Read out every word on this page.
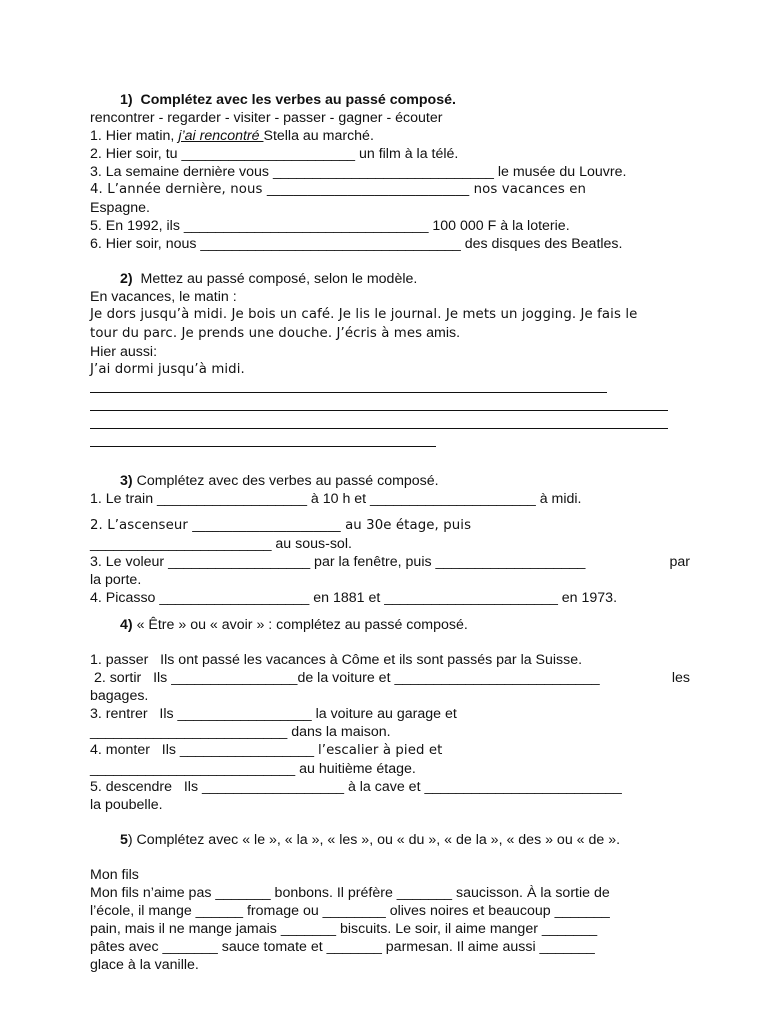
1)  Complétez avec les verbes au passé composé.
rencontrer - regarder - visiter - passer - gagner - écouter
1. Hier matin, j’ai rencontré Stella au marché.
2. Hier soir, tu ______________________ un film à la télé.
3. La semaine dernière vous ____________________________ le musée du Louvre.
4. L’année dernière, nous ______________________________ nos vacances en
Espagne.
5. En 1992, ils _______________________________ 100 000 F à la loterie.
6. Hier soir, nous _________________________________ des disques des Beatles.
2)  Mettez au passé composé, selon le modèle.
En vacances, le matin :
Je dors jusqu’à midi. Je bois un café. Je lis le journal. Je mets un jogging. Je fais le
tour du parc. Je prends une douche. J’écris à mes amis.
Hier aussi:
J’ai dormi jusqu’à midi.
3) Complétez avec des verbes au passé composé.
1. Le train ___________________ à 10 h et _____________________ à midi.
2. L’ascenseur ______________________ au 30e étage, puis
_______________________ au sous-sol.
3. Le voleur __________________ par la fenêtre, puis ___________________	par
la porte.
4. Picasso ___________________ en 1881 et ______________________ en 1973.
4) « Être » ou « avoir » : complétez au passé composé.
1. passer   Ils ont passé les vacances à Côme et ils sont passés par la Suisse.
2. sortir   Ils ________________de la voiture et __________________________	les
bagages.
3. rentrer   Ils _________________ la voiture au garage et
_________________________ dans la maison.
4. monter   Ils _________________ l’escalier à pied et
__________________________ au huitième étage.
5. descendre   Ils __________________ à la cave et _________________________
la poubelle.
5) Complétez avec « le », « la », « les », ou « du », « de la », « des » ou « de ».
Mon fils
Mon fils n’aime pas _______ bonbons. Il préfère _______ saucisson. À la sortie de
l’école, il mange ______ fromage ou ________ olives noires et beaucoup _______
pain, mais il ne mange jamais _______ biscuits. Le soir, il aime manger _______
pâtes avec _______ sauce tomate et _______ parmesan. Il aime aussi _______
glace à la vanille.
